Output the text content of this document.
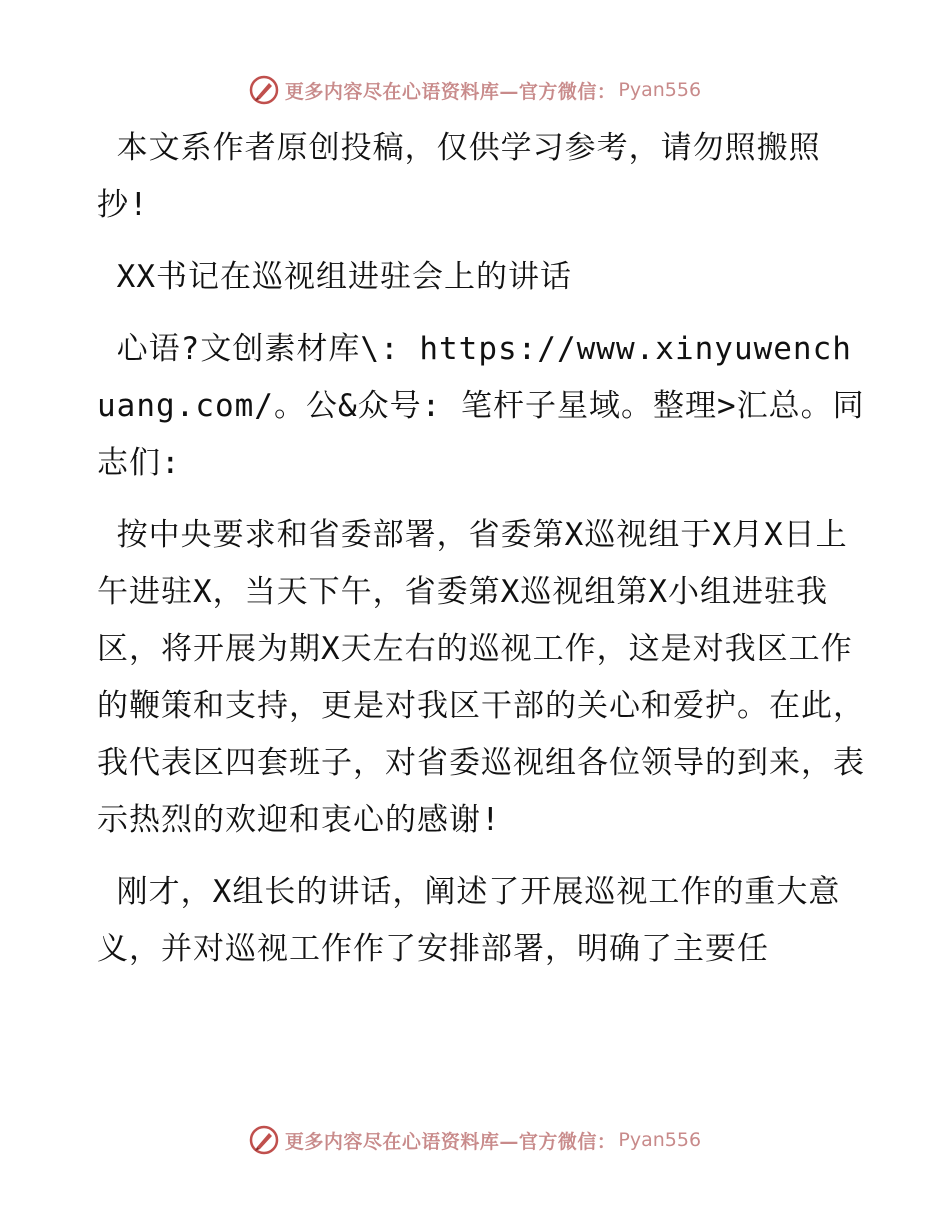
更多内容尽在心语资料库—官方微信： Pyan556

本文系作者原创投稿，仅供学习参考，请勿照搬照抄!

XX书记在巡视组进驻会上的讲话

心语?文创素材库\: https://www.xinyuwenchuang.com/。公&众号: 笔杆子星域。整理>汇总。同志们:

按中央要求和省委部署，省委第X巡视组于X月X日上午进驻X，当天下午，省委第X巡视组第X小组进驻我区，将开展为期X天左右的巡视工作，这是对我区工作的鞭策和支持，更是对我区干部的关心和爱护。在此，我代表区四套班子，对省委巡视组各位领导的到来，表示热烈的欢迎和衷心的感谢!

刚才，X组长的讲话，阐述了开展巡视工作的重大意义，并对巡视工作作了安排部署，明确了主要任

更多内容尽在心语资料库—官方微信： Pyan556
